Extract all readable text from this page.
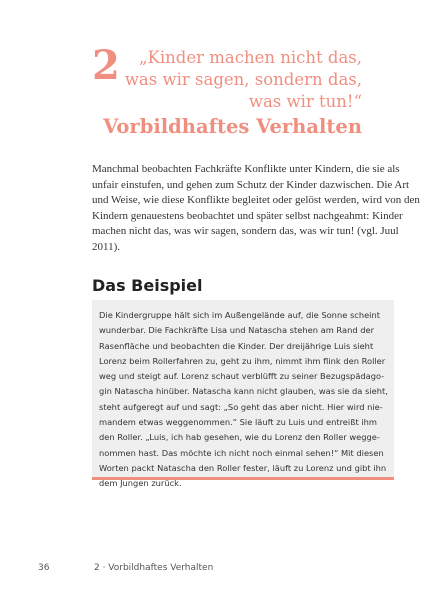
2 „Kinder machen nicht das,
was wir sagen, sondern das,
was wir tun!“
Vorbildhaftes Verhalten

Manchmal beobachten Fachkräfte Konflikte unter Kindern, die sie als
unfair einstufen, und gehen zum Schutz der Kinder dazwischen. Die Art
und Weise, wie diese Konflikte begleitet oder gelöst werden, wird von den
Kindern genauestens beobachtet und später selbst nachgeahmt: Kinder
machen nicht das, was wir sagen, sondern das, was wir tun! (vgl. Juul
2011).

Das Beispiel

Die Kindergruppe hält sich im Außengelände auf, die Sonne scheint
wunderbar. Die Fachkräfte Lisa und Natascha stehen am Rand der
Rasenfläche und beobachten die Kinder. Der dreijährige Luis sieht
Lorenz beim Rollerfahren zu, geht zu ihm, nimmt ihm flink den Roller
weg und steigt auf. Lorenz schaut verblüfft zu seiner Bezugspädago-
gin Natascha hinüber. Natascha kann nicht glauben, was sie da sieht,
steht aufgeregt auf und sagt: „So geht das aber nicht. Hier wird nie-
mandem etwas weggenommen.“ Sie läuft zu Luis und entreißt ihm
den Roller. „Luis, ich hab gesehen, wie du Lorenz den Roller wegge-
nommen hast. Das möchte ich nicht noch einmal sehen!“ Mit diesen
Worten packt Natascha den Roller fester, läuft zu Lorenz und gibt ihn
dem Jungen zurück.

36	2 · Vorbildhaftes Verhalten
